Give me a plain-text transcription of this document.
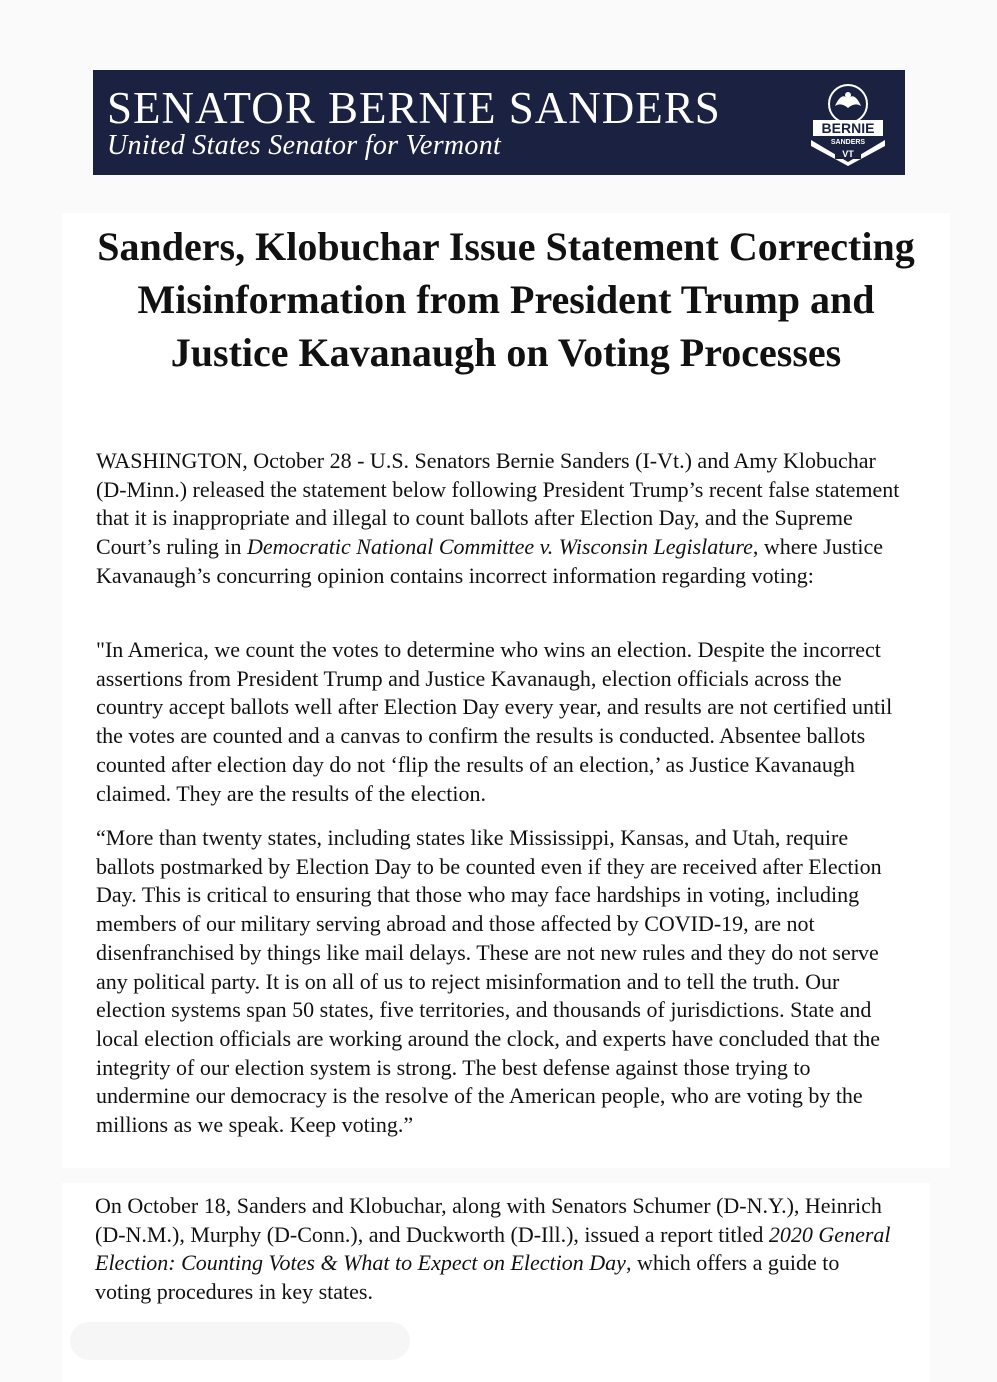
SENATOR BERNIE SANDERS
United States Senator for Vermont
BERNIE
SANDERS
VT
Sanders, Klobuchar Issue Statement Correcting Misinformation from President Trump and Justice Kavanaugh on Voting Processes
WASHINGTON, October 28 - U.S. Senators Bernie Sanders (I-Vt.) and Amy Klobuchar (D-Minn.) released the statement below following President Trump’s recent false statement that it is inappropriate and illegal to count ballots after Election Day, and the Supreme Court’s ruling in Democratic National Committee v. Wisconsin Legislature, where Justice Kavanaugh’s concurring opinion contains incorrect information regarding voting:
"In America, we count the votes to determine who wins an election. Despite the incorrect assertions from President Trump and Justice Kavanaugh, election officials across the country accept ballots well after Election Day every year, and results are not certified until the votes are counted and a canvas to confirm the results is conducted. Absentee ballots counted after election day do not ‘flip the results of an election,’ as Justice Kavanaugh claimed. They are the results of the election.
“More than twenty states, including states like Mississippi, Kansas, and Utah, require ballots postmarked by Election Day to be counted even if they are received after Election Day. This is critical to ensuring that those who may face hardships in voting, including members of our military serving abroad and those affected by COVID-19, are not disenfranchised by things like mail delays. These are not new rules and they do not serve any political party. It is on all of us to reject misinformation and to tell the truth. Our election systems span 50 states, five territories, and thousands of jurisdictions. State and local election officials are working around the clock, and experts have concluded that the integrity of our election system is strong. The best defense against those trying to undermine our democracy is the resolve of the American people, who are voting by the millions as we speak. Keep voting.”
On October 18, Sanders and Klobuchar, along with Senators Schumer (D-N.Y.), Heinrich (D-N.M.), Murphy (D-Conn.), and Duckworth (D-Ill.), issued a report titled 2020 General Election: Counting Votes & What to Expect on Election Day, which offers a guide to voting procedures in key states.
